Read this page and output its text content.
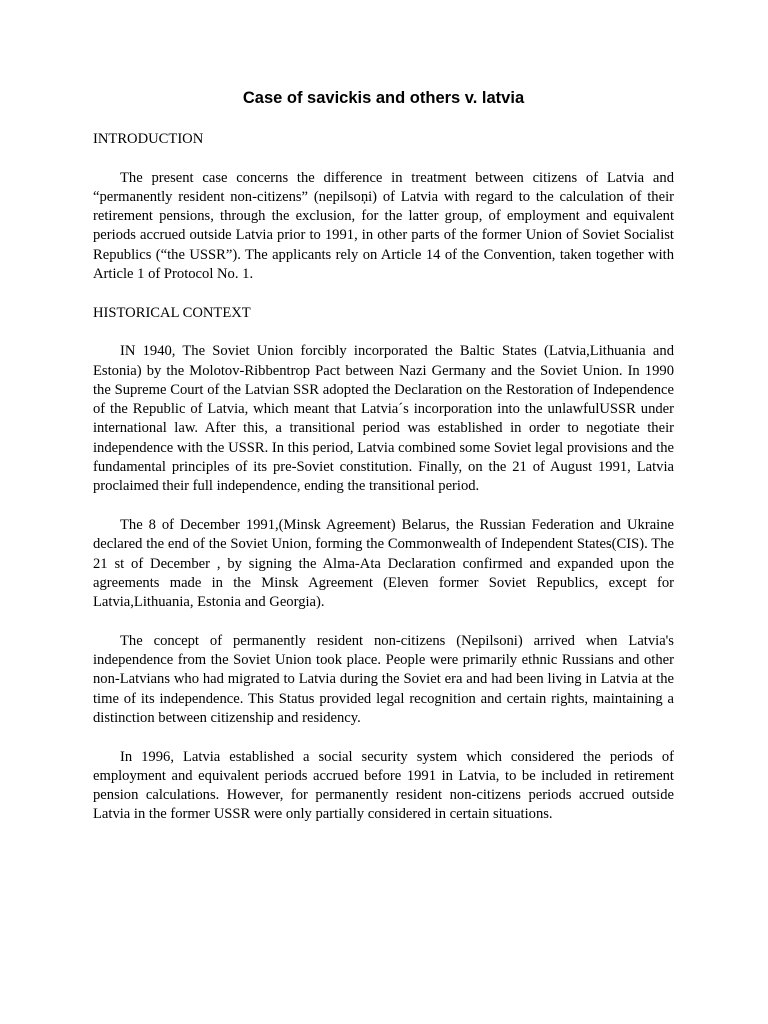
Case of savickis and others v. latvia

INTRODUCTION

The present case concerns the difference in treatment between citizens of Latvia and “permanently resident non-citizens” (nepilsoņi) of Latvia with regard to the calculation of their retirement pensions, through the exclusion, for the latter group, of employment and equivalent periods accrued outside Latvia prior to 1991, in other parts of the former Union of Soviet Socialist Republics (“the USSR”). The applicants rely on Article 14 of the Convention, taken together with Article 1 of Protocol No. 1.

HISTORICAL CONTEXT

IN 1940, The Soviet Union forcibly incorporated the Baltic States (Latvia,Lithuania and Estonia) by the Molotov-Ribbentrop Pact between Nazi Germany and the Soviet Union. In 1990 the Supreme Court of the Latvian SSR adopted the Declaration on the Restoration of Independence of the Republic of Latvia, which meant that Latvia´s incorporation into the unlawfulUSSR under international law. After this, a transitional period was established in order to negotiate their independence with the USSR. In this period, Latvia combined some Soviet legal provisions and the fundamental principles of its pre-Soviet constitution. Finally, on the 21 of August 1991, Latvia proclaimed their full independence, ending the transitional period.

The 8 of December 1991,(Minsk Agreement) Belarus, the Russian Federation and Ukraine declared the end of the Soviet Union, forming the Commonwealth of Independent States(CIS). The 21 st of December , by signing the Alma-Ata Declaration confirmed and expanded upon the agreements made in the Minsk Agreement (Eleven former Soviet Republics, except for Latvia,Lithuania, Estonia and Georgia).

The concept of permanently resident non-citizens (Nepilsoni) arrived when Latvia's independence from the Soviet Union took place. People were primarily ethnic Russians and other non-Latvians who had migrated to Latvia during the Soviet era and had been living in Latvia at the time of its independence. This Status provided legal recognition and certain rights, maintaining a distinction between citizenship and residency.

In 1996, Latvia established a social security system which considered the periods of employment and equivalent periods accrued before 1991 in Latvia, to be included in retirement pension calculations. However, for permanently resident non-citizens periods accrued outside Latvia in the former USSR were only partially considered in certain situations.
